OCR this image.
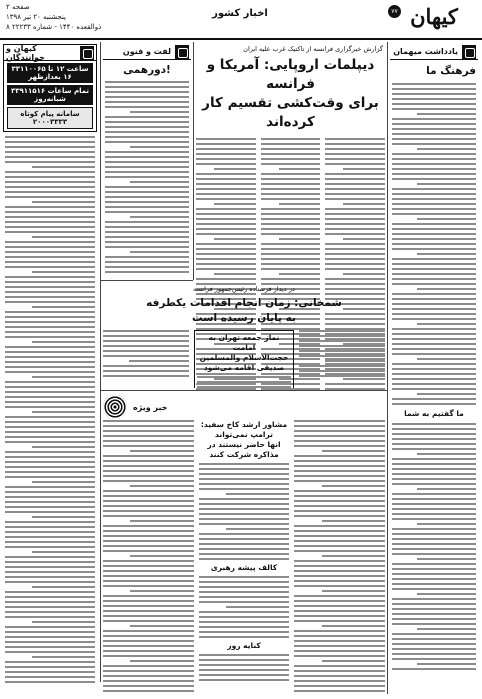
۷۷ کیهان
اخبار کشور
صفحه ۲
پنجشنبه ۲۰ تیر ۱۳۹۸
۸ ذوالقعده ۱۴۴۰ - شماره ۲۲۲۳۳
یادداشت میهمان
فرهنگ ما
ما گفتیم به شما
گزارش خبرگزاری فرانسه از تاکتیک غرب علیه ایران
دیپلمات اروپایی: آمریکا و فرانسه
برای وقت‌کشی تقسیم کار کرده‌اند
لفت و فنون
دورهمی!
در دیدار فرستاده رئیس‌جمهور فرانسه
شمخانی: زمان انجام اقدامات یکطرفه
به پایان رسیده است
نماز جمعه تهران به امامت
حجت‌الاسلام والمسلمین صدیقی اقامه می‌شود
خبر ویژه
مشاور ارشد کاخ سفید: ترامپ نمی‌تواند
انها حاضر نیستند در مذاکره شرکت کنند
کالف پیشه رهبری
کنایه روز
کیهان و خوانندگان
۳۳۱۱۰۰۶۵ ساعت ۱۲ تا ۱۶ بعدازظهر
۳۳۹۱۱۵۱۶ تمام ساعات شبانه‌روز
سامانه پیام کوتاه ۲۰۰۰۳۳۳۳
